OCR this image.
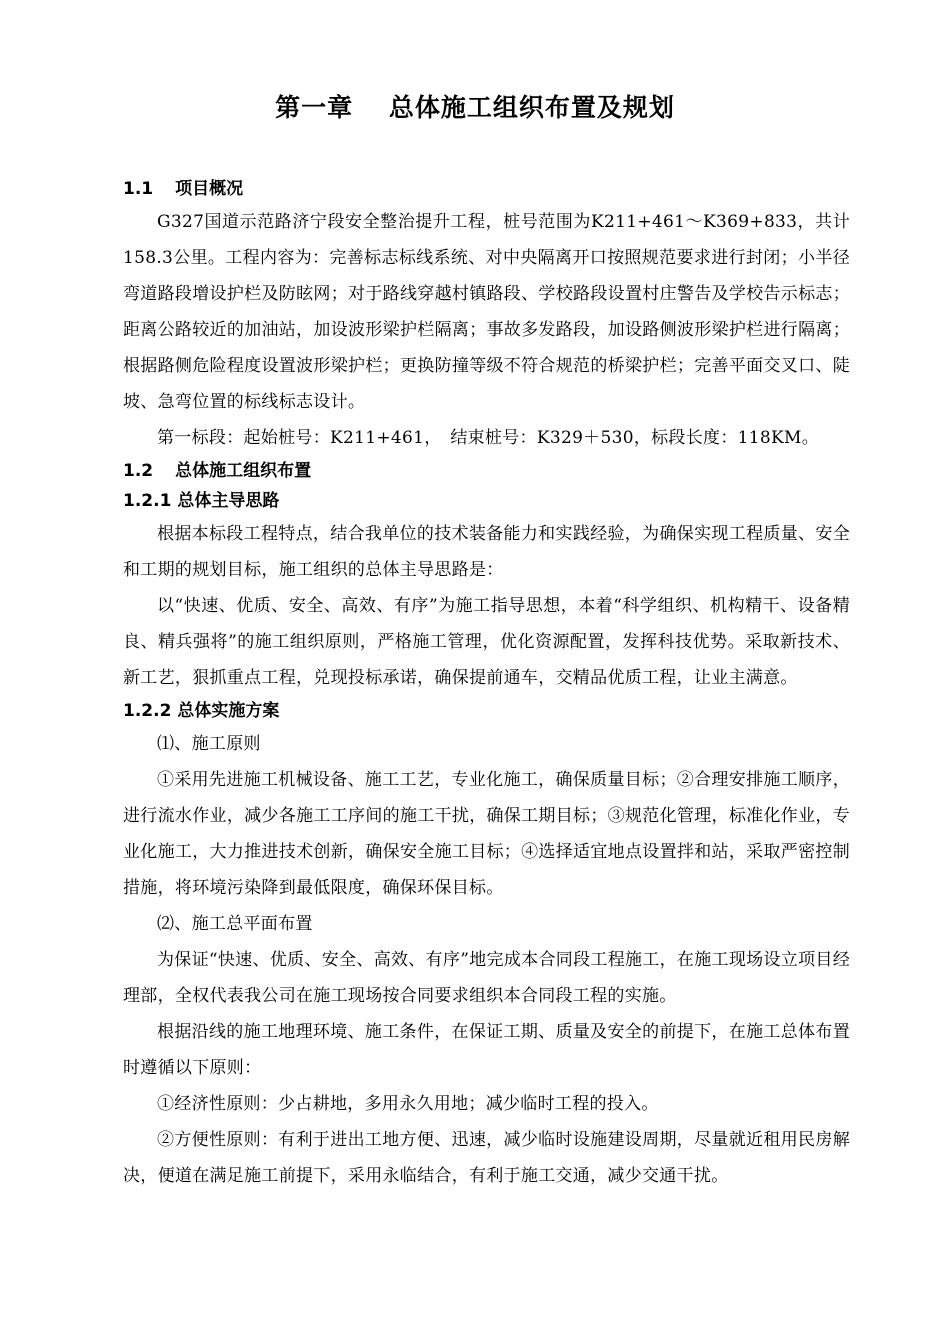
第一章　 总体施工组织布置及规划
1.1 项目概况

G327国道示范路济宁段安全整治提升工程，桩号范围为K211+461～K369+833，共计158.3公里。工程内容为：完善标志标线系统、对中央隔离开口按照规范要求进行封闭；小半径弯道路段增设护栏及防眩网；对于路线穿越村镇路段、学校路段设置村庄警告及学校告示标志；距离公路较近的加油站，加设波形梁护栏隔离；事故多发路段，加设路侧波形梁护栏进行隔离；根据路侧危险程度设置波形梁护栏；更换防撞等级不符合规范的桥梁护栏；完善平面交叉口、陡坡、急弯位置的标线标志设计。

第一标段：起始桩号：K211+461，　结束桩号：K329＋530，标段长度：118KM。

1.2 总体施工组织布置
1.2.1 总体主导思路

根据本标段工程特点，结合我单位的技术装备能力和实践经验，为确保实现工程质量、安全和工期的规划目标，施工组织的总体主导思路是：

以“快速、优质、安全、高效、有序”为施工指导思想，本着“科学组织、机构精干、设备精良、精兵强将”的施工组织原则，严格施工管理，优化资源配置，发挥科技优势。采取新技术、新工艺，狠抓重点工程，兑现投标承诺，确保提前通车，交精品优质工程，让业主满意。

1.2.2 总体实施方案

⑴、施工原则

①采用先进施工机械设备、施工工艺，专业化施工，确保质量目标；②合理安排施工顺序，进行流水作业，减少各施工工序间的施工干扰，确保工期目标；③规范化管理，标准化作业，专业化施工，大力推进技术创新，确保安全施工目标；④选择适宜地点设置拌和站，采取严密控制措施，将环境污染降到最低限度，确保环保目标。

⑵、施工总平面布置

为保证“快速、优质、安全、高效、有序”地完成本合同段工程施工，在施工现场设立项目经理部，全权代表我公司在施工现场按合同要求组织本合同段工程的实施。

根据沿线的施工地理环境、施工条件，在保证工期、质量及安全的前提下，在施工总体布置时遵循以下原则：

①经济性原则：少占耕地，多用永久用地；减少临时工程的投入。

②方便性原则：有利于进出工地方便、迅速，减少临时设施建设周期，尽量就近租用民房解决，便道在满足施工前提下，采用永临结合，有利于施工交通，减少交通干扰。
